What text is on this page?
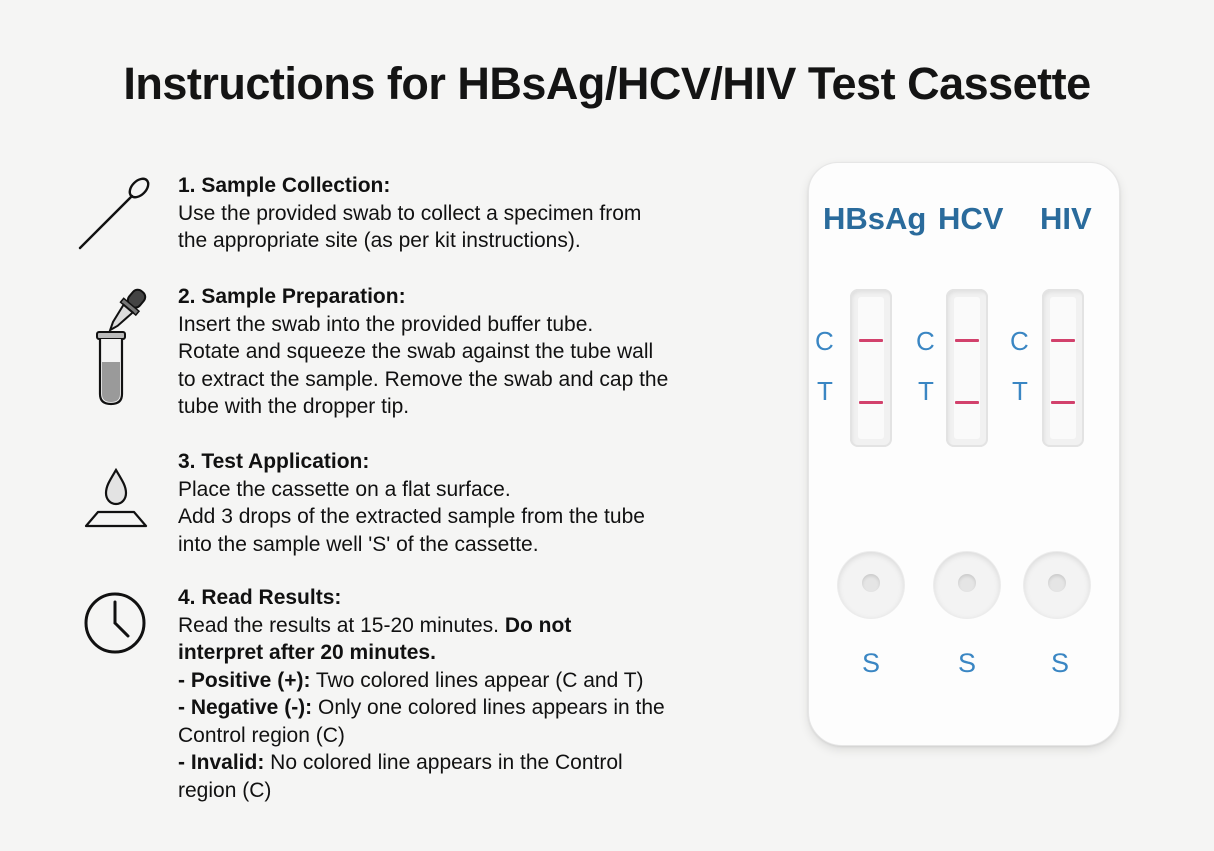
Instructions for HBsAg/HCV/HIV Test Cassette
1. Sample Collection:
Use the provided swab to collect a specimen from
the appropriate site (as per kit instructions).
2. Sample Preparation:
Insert the swab into the provided buffer tube.
Rotate and squeeze the swab against the tube wall
to extract the sample. Remove the swab and cap the
tube with the dropper tip.
3. Test Application:
Place the cassette on a flat surface.
Add 3 drops of the extracted sample from the tube
into the sample well 'S' of the cassette.
4. Read Results:
Read the results at 15-20 minutes. Do not
interpret after 20 minutes.
- Positive (+): Two colored lines appear (C and T)
- Negative (-): Only one colored lines appears in the
Control region (C)
- Invalid: No colored line appears in the Control
region (C)
HBsAg HCV HIV
C
T
C
T
C
T
S	S	S
